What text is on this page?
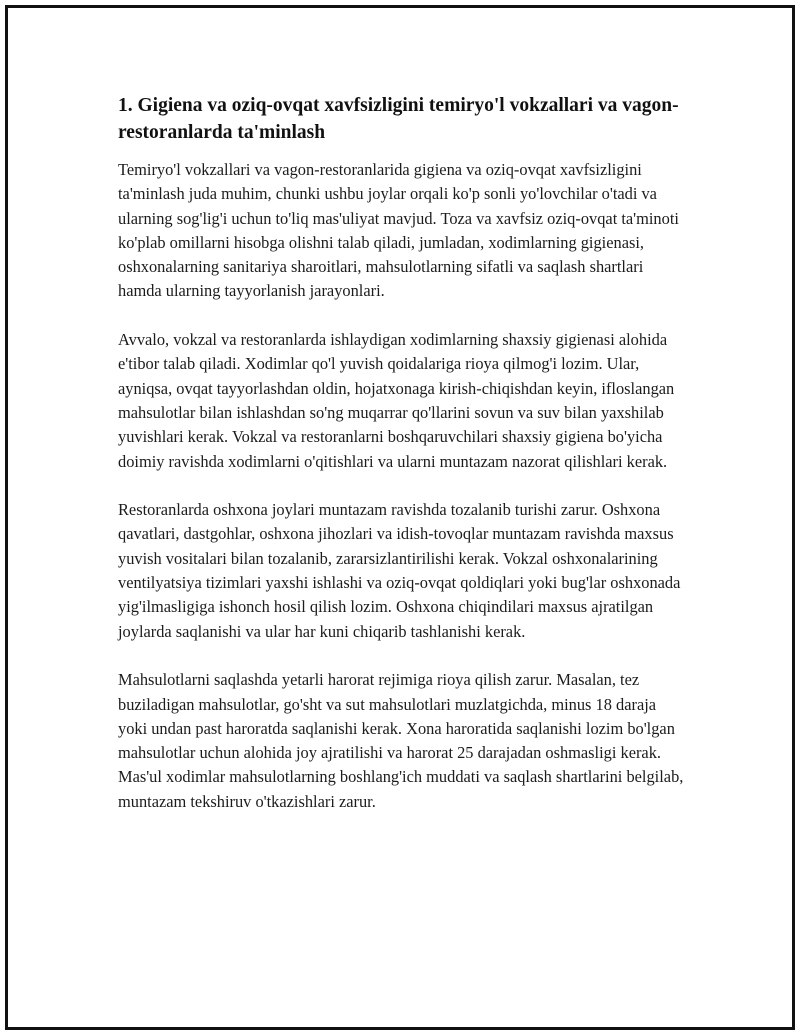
1. Gigiena va oziq-ovqat xavfsizligini temiryo'l vokzallari va vagon-restoranlarda ta'minlash

Temiryo'l vokzallari va vagon-restoranlarida gigiena va oziq-ovqat xavfsizligini ta'minlash juda muhim, chunki ushbu joylar orqali ko'p sonli yo'lovchilar o'tadi va ularning sog'lig'i uchun to'liq mas'uliyat mavjud. Toza va xavfsiz oziq-ovqat ta'minoti ko'plab omillarni hisobga olishni talab qiladi, jumladan, xodimlarning gigienasi, oshxonalarning sanitariya sharoitlari, mahsulotlarning sifatli va saqlash shartlari hamda ularning tayyorlanish jarayonlari.

Avvalo, vokzal va restoranlarda ishlaydigan xodimlarning shaxsiy gigienasi alohida e'tibor talab qiladi. Xodimlar qo'l yuvish qoidalariga rioya qilmog'i lozim. Ular, ayniqsa, ovqat tayyorlashdan oldin, hojatxonaga kirish-chiqishdan keyin, ifloslangan mahsulotlar bilan ishlashdan so'ng muqarrar qo'llarini sovun va suv bilan yaxshilab yuvishlari kerak. Vokzal va restoranlarni boshqaruvchilari shaxsiy gigiena bo'yicha doimiy ravishda xodimlarni o'qitishlari va ularni muntazam nazorat qilishlari kerak.

Restoranlarda oshxona joylari muntazam ravishda tozalanib turishi zarur. Oshxona qavatlari, dastgohlar, oshxona jihozlari va idish-tovoqlar muntazam ravishda maxsus yuvish vositalari bilan tozalanib, zararsizlantirilishi kerak. Vokzal oshxonalarining ventilyatsiya tizimlari yaxshi ishlashi va oziq-ovqat qoldiqlari yoki bug'lar oshxonada yig'ilmasligiga ishonch hosil qilish lozim. Oshxona chiqindilari maxsus ajratilgan joylarda saqlanishi va ular har kuni chiqarib tashlanishi kerak.

Mahsulotlarni saqlashda yetarli harorat rejimiga rioya qilish zarur. Masalan, tez buziladigan mahsulotlar, go'sht va sut mahsulotlari muzlatgichda, minus 18 daraja yoki undan past haroratda saqlanishi kerak. Xona haroratida saqlanishi lozim bo'lgan mahsulotlar uchun alohida joy ajratilishi va harorat 25 darajadan oshmasligi kerak. Mas'ul xodimlar mahsulotlarning boshlang'ich muddati va saqlash shartlarini belgilab, muntazam tekshiruv o'tkazishlari zarur.
